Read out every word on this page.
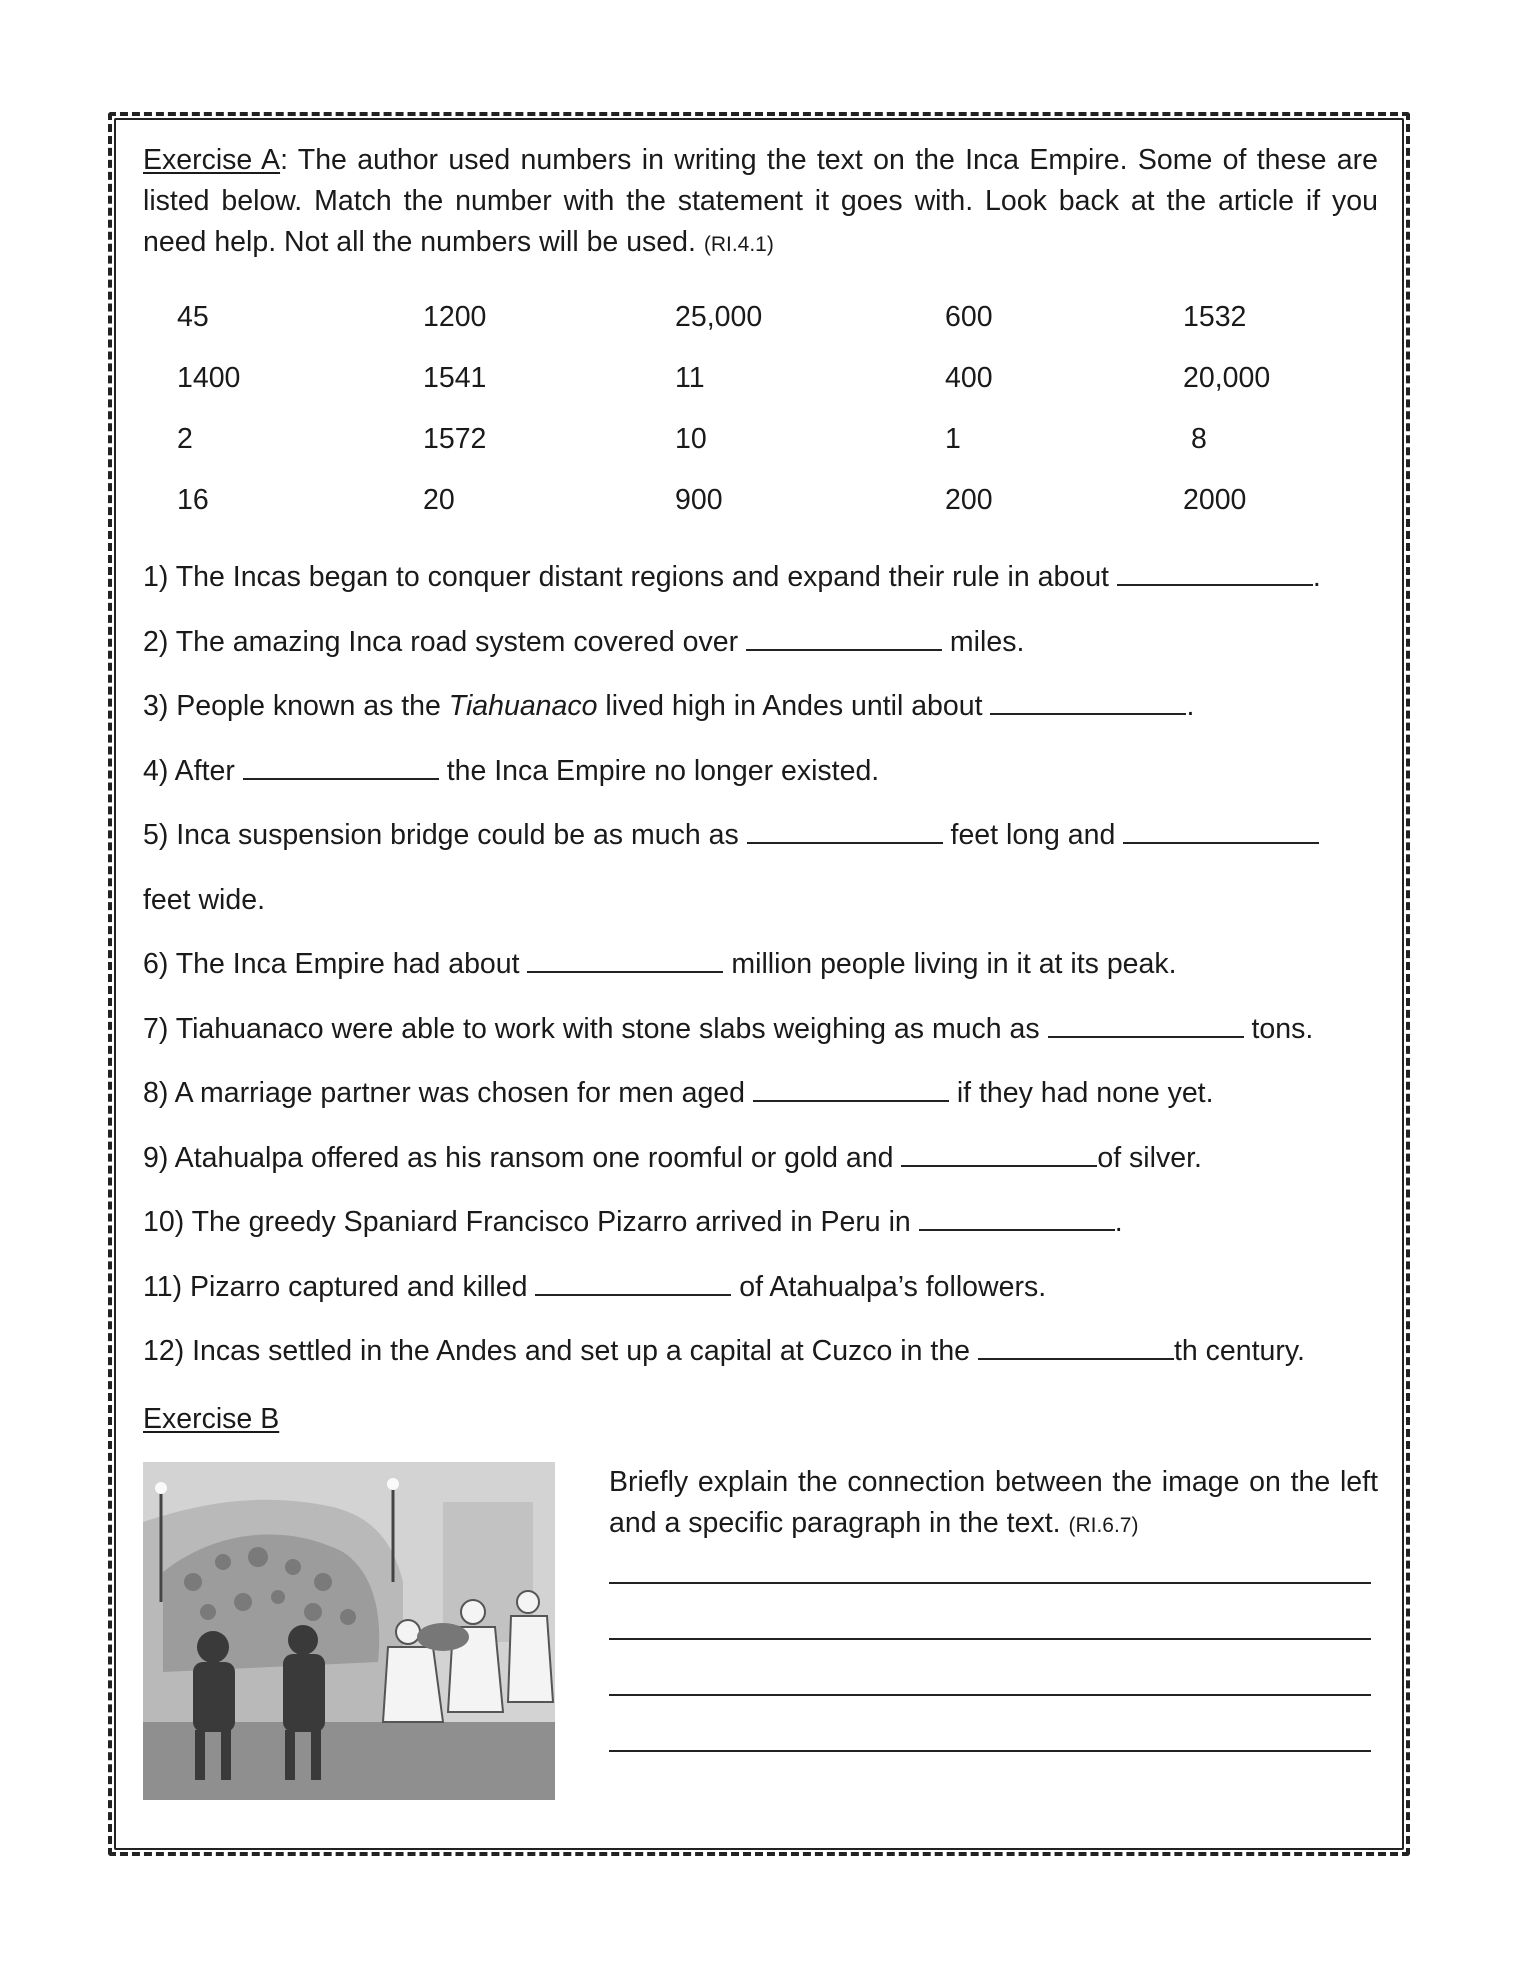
Exercise A: The author used numbers in writing the text on the Inca Empire. Some of these are listed below. Match the number with the statement it goes with. Look back at the article if you need help. Not all the numbers will be used. (RI.4.1)

45	1200	25,000	600	1532
1400	1541	11	400	20,000
2	1572	10	1	8
16	20	900	200	2000
1) The Incas began to conquer distant regions and expand their rule in about	.
2) The amazing Inca road system covered over	miles.
3) People known as the Tiahuanaco lived high in Andes until about	.
4) After	the Inca Empire no longer existed.
5) Inca suspension bridge could be as much as	feet long and
feet wide.
6) The Inca Empire had about	million people living in it at its peak.
7) Tiahuanaco were able to work with stone slabs weighing as much as	tons.
8) A marriage partner was chosen for men aged	if they had none yet.
9) Atahualpa offered as his ransom one roomful or gold and	of silver.
10) The greedy Spaniard Francisco Pizarro arrived in Peru in	.
11) Pizarro captured and killed	of Atahualpa’s followers.
12) Incas settled in the Andes and set up a capital at Cuzco in the	th century.
Exercise B

Briefly explain the connection between the image on the left and a specific paragraph in the text. (RI.6.7)
